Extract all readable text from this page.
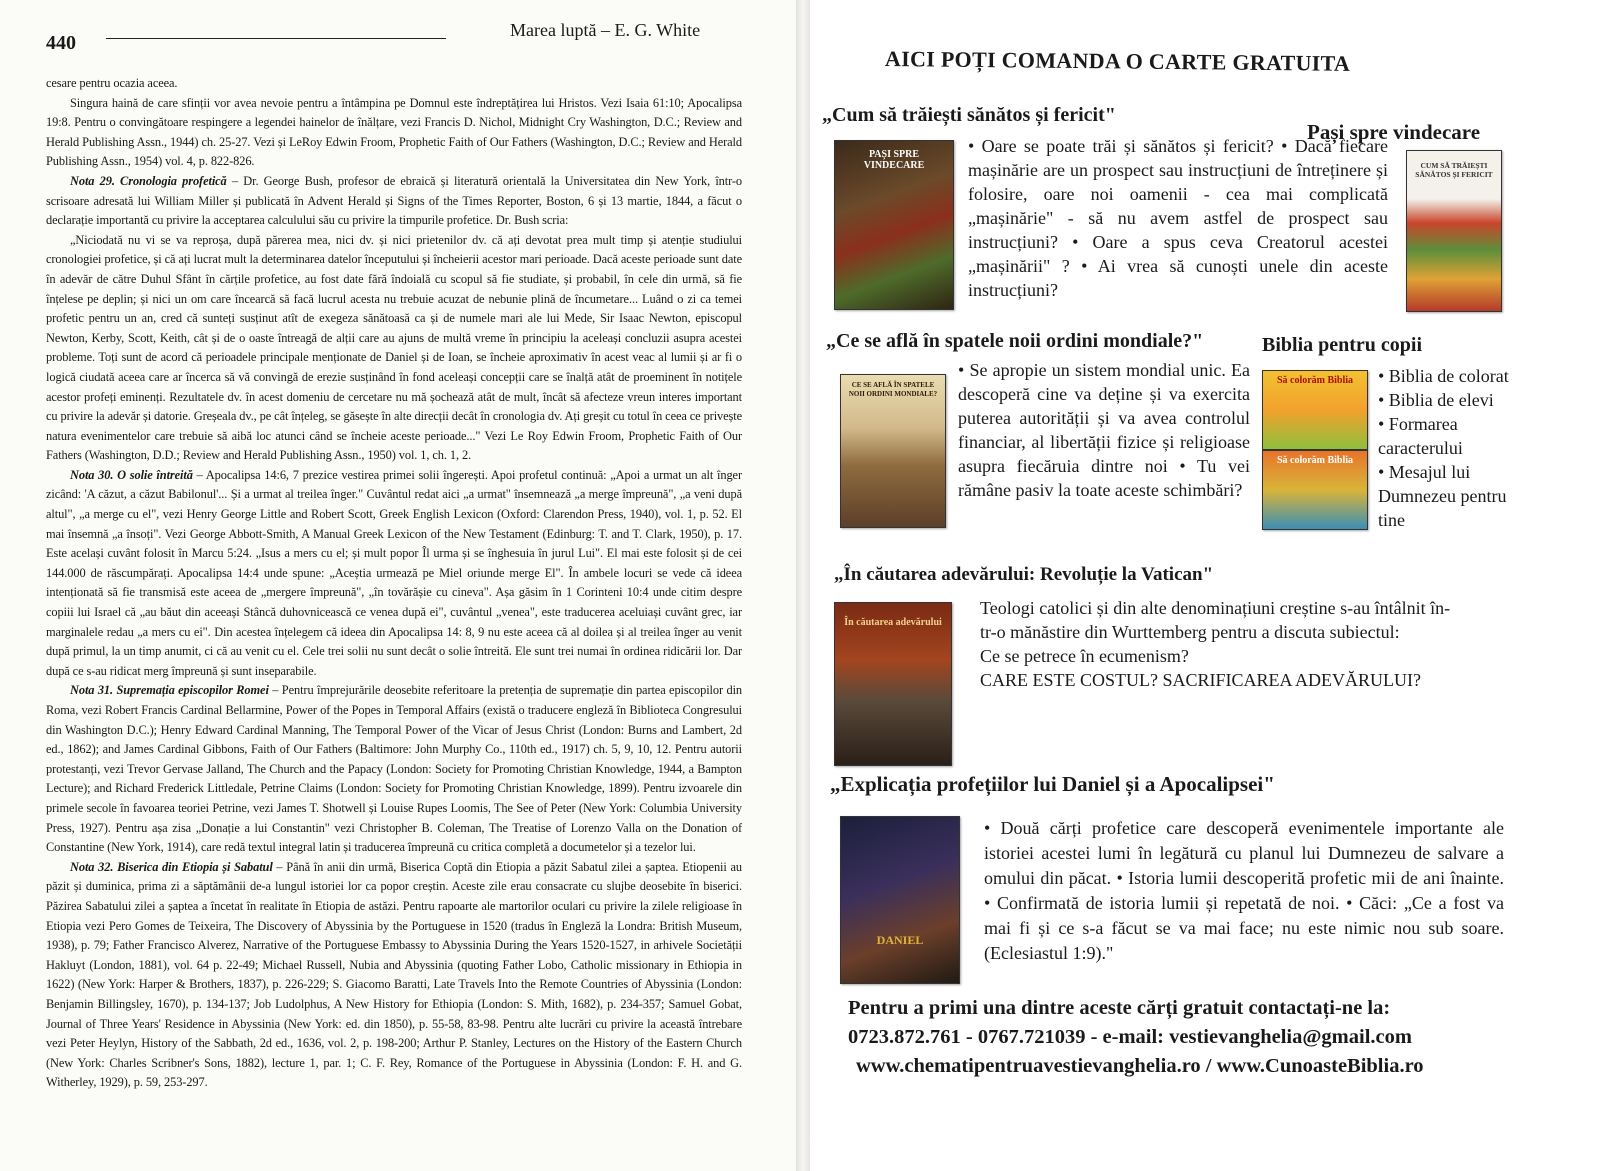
440
Marea luptă – E. G. White

cesare pentru ocazia aceea.

Singura haină de care sfinții vor avea nevoie pentru a întâmpina pe Domnul este îndreptățirea lui Hristos. Vezi Isaia 61:10; Apocalipsa 19:8. Pentru o convingătoare respingere a legendei hainelor de înălțare, vezi Francis D. Nichol, Midnight Cry Washington, D.C.; Review and Herald Publishing Assn., 1944) ch. 25-27. Vezi și LeRoy Edwin Froom, Prophetic Faith of Our Fathers (Washington, D.C.; Review and Herald Publishing Assn., 1954) vol. 4, p. 822-826.

Nota 29. Cronologia profetică – Dr. George Bush, profesor de ebraică și literatură orientală la Universitatea din New York, într-o scrisoare adresată lui William Miller și publicată în Advent Herald și Signs of the Times Reporter, Boston, 6 și 13 martie, 1844, a făcut o declarație importantă cu privire la acceptarea calculului său cu privire la timpurile profetice. Dr. Bush scria:

„Niciodată nu vi se va reproșa, după părerea mea, nici dv. și nici prietenilor dv. că ați devotat prea mult timp și atenție studiului cronologiei profetice, și că ați lucrat mult la determinarea datelor începutului și încheierii acestor mari perioade. Dacă aceste perioade sunt date în adevăr de către Duhul Sfânt în cărțile profetice, au fost date fără îndoială cu scopul să fie studiate, și probabil, în cele din urmă, să fie înțelese pe deplin; și nici un om care încearcă să facă lucrul acesta nu trebuie acuzat de nebunie plină de încumetare... Luând o zi ca temei profetic pentru un an, cred că sunteți susținut atît de exegeza sănătoasă ca și de numele mari ale lui Mede, Sir Isaac Newton, episcopul Newton, Kerby, Scott, Keith, cât și de o oaste întreagă de alții care au ajuns de multă vreme în principiu la aceleași concluzii asupra acestei probleme. Toți sunt de acord că perioadele principale menționate de Daniel și de Ioan, se încheie aproximativ în acest veac al lumii și ar fi o logică ciudată aceea care ar încerca să vă convingă de erezie susținând în fond aceleași concepții care se înalță atât de proeminent în notițele acestor profeți eminenți. Rezultatele dv. în acest domeniu de cercetare nu mă șochează atât de mult, încât să afecteze vreun interes important cu privire la adevăr și datorie. Greșeala dv., pe cât înțeleg, se găsește în alte direcții decât în cronologia dv. Ați greșit cu totul în ceea ce privește natura evenimentelor care trebuie să aibă loc atunci când se încheie aceste perioade..." Vezi Le Roy Edwin Froom, Prophetic Faith of Our Fathers (Washington, D.D.; Review and Herald Publishing Assn., 1950) vol. 1, ch. 1, 2.

Nota 30. O solie întreită – Apocalipsa 14:6, 7 prezice vestirea primei solii îngerești. Apoi profetul continuă: „Apoi a urmat un alt înger zicând: 'A căzut, a căzut Babilonul'... Și a urmat al treilea înger." Cuvântul redat aici „a urmat" însemnează „a merge împreună", „a veni după altul", „a merge cu el", vezi Henry George Little and Robert Scott, Greek English Lexicon (Oxford: Clarendon Press, 1940), vol. 1, p. 52. El mai însemnă „a însoți". Vezi George Abbott-Smith, A Manual Greek Lexicon of the New Testament (Edinburg: T. and T. Clark, 1950), p. 17. Este același cuvânt folosit în Marcu 5:24. „Isus a mers cu el; și mult popor Îl urma și se înghesuia în jurul Lui". El mai este folosit și de cei 144.000 de răscumpărați. Apocalipsa 14:4 unde spune: „Aceștia urmează pe Miel oriunde merge El". În ambele locuri se vede că ideea intenționată să fie transmisă este aceea de „mergere împreună", „în tovărășie cu cineva". Așa găsim în 1 Corinteni 10:4 unde citim despre copiii lui Israel că „au băut din aceeași Stâncă duhovnicească ce venea după ei", cuvântul „venea", este traducerea aceluiași cuvânt grec, iar marginalele redau „a mers cu ei". Din acestea înțelegem că ideea din Apocalipsa 14: 8, 9 nu este aceea că al doilea și al treilea înger au venit după primul, la un timp anumit, ci că au venit cu el. Cele trei solii nu sunt decât o solie întreită. Ele sunt trei numai în ordinea ridicării lor. Dar după ce s-au ridicat merg împreună și sunt inseparabile.

Nota 31. Supremația episcopilor Romei – Pentru împrejurările deosebite referitoare la pretenția de supremație din partea episcopilor din Roma, vezi Robert Francis Cardinal Bellarmine, Power of the Popes in Temporal Affairs (există o traducere engleză în Biblioteca Congresului din Washington D.C.); Henry Edward Cardinal Manning, The Temporal Power of the Vicar of Jesus Christ (London: Burns and Lambert, 2d ed., 1862); and James Cardinal Gibbons, Faith of Our Fathers (Baltimore: John Murphy Co., 110th ed., 1917) ch. 5, 9, 10, 12. Pentru autorii protestanți, vezi Trevor Gervase Jalland, The Church and the Papacy (London: Society for Promoting Christian Knowledge, 1944, a Bampton Lecture); and Richard Frederick Littledale, Petrine Claims (London: Society for Promoting Christian Knowledge, 1899). Pentru izvoarele din primele secole în favoarea teoriei Petrine, vezi James T. Shotwell și Louise Rupes Loomis, The See of Peter (New York: Columbia University Press, 1927). Pentru așa zisa „Donație a lui Constantin" vezi Christopher B. Coleman, The Treatise of Lorenzo Valla on the Donation of Constantine (New York, 1914), care redă textul integral latin și traducerea împreună cu critica completă a documetelor și a tezelor lui.

Nota 32. Biserica din Etiopia și Sabatul – Până în anii din urmă, Biserica Coptă din Etiopia a păzit Sabatul zilei a șaptea. Etiopenii au păzit și duminica, prima zi a săptămânii de-a lungul istoriei lor ca popor creștin. Aceste zile erau consacrate cu slujbe deosebite în biserici. Păzirea Sabatului zilei a șaptea a încetat în realitate în Etiopia de astăzi. Pentru rapoarte ale martorilor oculari cu privire la zilele religioase în Etiopia vezi Pero Gomes de Teixeira, The Discovery of Abyssinia by the Portuguese in 1520 (tradus în Engleză la Londra: British Museum, 1938), p. 79; Father Francisco Alverez, Narrative of the Portuguese Embassy to Abyssinia During the Years 1520-1527, in arhivele Societății Hakluyt (London, 1881), vol. 64 p. 22-49; Michael Russell, Nubia and Abyssinia (quoting Father Lobo, Catholic missionary in Ethiopia in 1622) (New York: Harper & Brothers, 1837), p. 226-229; S. Giacomo Baratti, Late Travels Into the Remote Countries of Abyssinia (London: Benjamin Billingsley, 1670), p. 134-137; Job Ludolphus, A New History for Ethiopia (London: S. Mith, 1682), p. 234-357; Samuel Gobat, Journal of Three Years' Residence in Abyssinia (New York: ed. din 1850), p. 55-58, 83-98. Pentru alte lucrări cu privire la această întrebare vezi Peter Heylyn, History of the Sabbath, 2d ed., 1636, vol. 2, p. 198-200; Arthur P. Stanley, Lectures on the History of the Eastern Church (New York: Charles Scribner's Sons, 1882), lecture 1, par. 1; C. F. Rey, Romance of the Portuguese in Abyssinia (London: F. H. and G. Witherley, 1929), p. 59, 253-297.

AICI POȚI COMANDA O CARTE GRATUITA
„Cum să trăiești sănătos și fericit"
Pași spre vindecare
PAȘI SPRE VINDECARE
• Oare se poate trăi și sănătos și fericit? • Dacă fiecare mașinărie are un prospect sau instrucțiuni de întreținere și folosire, oare noi oamenii - cea mai complicată „mașinărie" - să nu avem astfel de prospect sau instrucțiuni? • Oare a spus ceva Creatorul acestei „mașinării" ? • Ai vrea să cunoști unele din aceste instrucțiuni?
CUM SĂ TRĂIEȘTI SĂNĂTOS ȘI FERICIT
„Ce se află în spatele noii ordini mondiale?"	Biblia pentru copii
CE SE AFLĂ ÎN SPATELE NOII ORDINI MONDIALE?
• Se apropie un sistem mondial unic. Ea descoperă cine va deține și va exercita puterea autorității și va avea controlul financiar, al libertății fizice și religioase asupra fiecăruia dintre noi • Tu vei rămâne pasiv la toate aceste schimbări?
Să colorăm Biblia
Să colorăm Biblia
• Biblia de colorat
• Biblia de elevi
• Formarea caracterului
• Mesajul lui Dumnezeu pentru tine
„În căutarea adevărului: Revoluție la Vatican"
În căutarea adevărului
Teologi catolici și din alte denominațiuni creștine s-au întâlnit în-
tr-o mănăstire din Wurttemberg pentru a discuta subiectul:
Ce se petrece în ecumenism?
CARE ESTE COSTUL? SACRIFICAREA ADEVĂRULUI?
„Explicația profețiilor lui Daniel și a Apocalipsei"
DANIEL
• Două cărți profetice care descoperă evenimentele importante ale istoriei acestei lumi în legătură cu planul lui Dumnezeu de salvare a omului din păcat. • Istoria lumii descoperită profetic mii de ani înainte. • Confirmată de istoria lumii și repetată de noi. • Căci: „Ce a fost va mai fi și ce s-a făcut se va mai face; nu este nimic nou sub soare. (Eclesiastul 1:9)."
Pentru a primi una dintre aceste cărți gratuit contactați-ne la:
0723.872.761 - 0767.721039 - e-mail: vestievanghelia@gmail.com
www.chematipentruavestievanghelia.ro / www.CunoasteBiblia.ro
